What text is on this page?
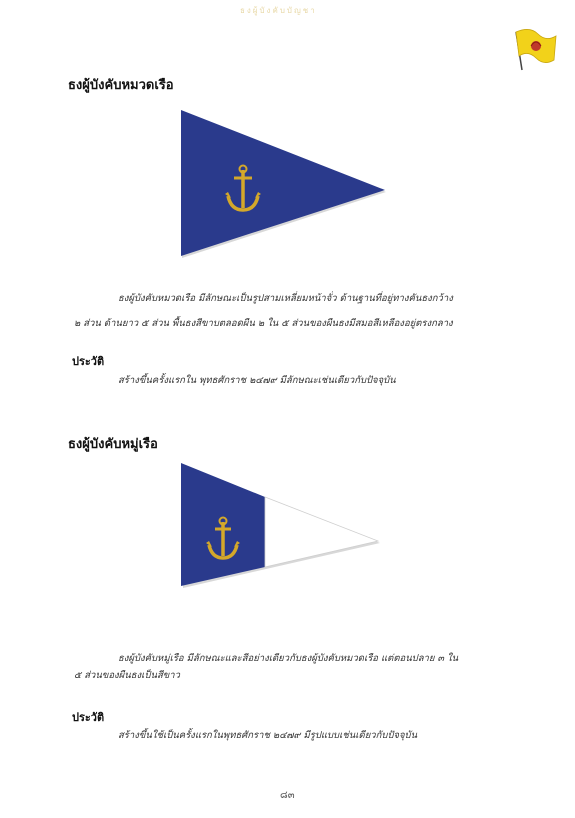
ธงผู้บังคับบัญชา
ธงผู้บังคับหมวดเรือ
ธงผู้บังคับหมวดเรือ มีลักษณะเป็นรูปสามเหลี่ยมหน้าจั่ว ด้านฐานที่อยู่ทางคันธงกว้าง
๒ ส่วน ด้านยาว ๕ ส่วน พื้นธงสีขาบตลอดผืน ๒ ใน ๕ ส่วนของผืนธงมีสมอสีเหลืองอยู่ตรงกลาง
ประวัติ
สร้างขึ้นครั้งแรกใน พุทธศักราช ๒๔๗๙ มีลักษณะเช่นเดียวกับปัจจุบัน
ธงผู้บังคับหมู่เรือ
ธงผู้บังคับหมู่เรือ มีลักษณะและสีอย่างเดียวกับธงผู้บังคับหมวดเรือ แต่ตอนปลาย ๓ ใน
๕ ส่วนของผืนธงเป็นสีขาว
ประวัติ
สร้างขึ้นใช้เป็นครั้งแรกในพุทธศักราช ๒๔๗๙ มีรูปแบบเช่นเดียวกับปัจจุบัน
๘๓
